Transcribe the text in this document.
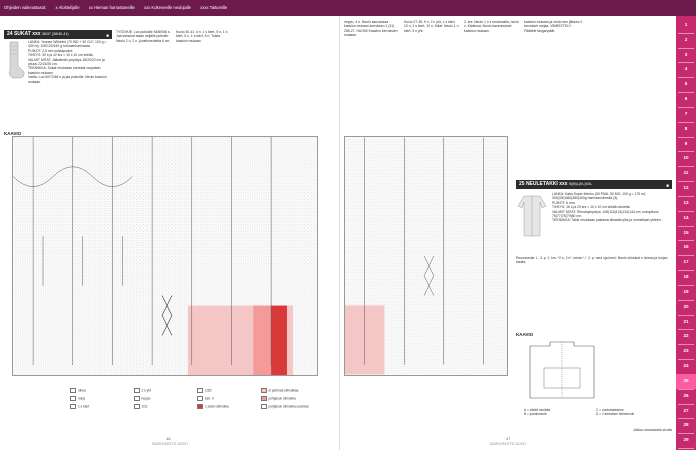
Ohjeiden vaikeustasot: x Aloittelijalle xx Hieman harrastaneille xxx Kokeneelle neulojalle xxxx Taitureille
24 SUKAT xxx 36/37 (38/40-41)	■
LANKA: Yonnee Wilhelmi (70 WD + 30 CLF, 100 g = 400 m); 100/120/160 g tummanharmaata.
PUIKOT: 2,5 mm sukkapuikot.
TIHEYS: 30 s ja 42 krs = 10 x 10 cm sileää.
VALMIT MITAT: Jalkaterän ympärys 18/20/22 cm ja pituus 22/24/26 cm.
TEKNIIKKA: Sukat neulotaan varresta varpaisiin kaavion mukaan.
Vartta: Luo 60/72/84 s ja jaa puikoille. Neulo kaavion mukaan.
TYÖOHJE: Luo puikoille 54/60/66 s. Jaa silmukat tasan neljälle puikolle. Neulo 2 o, 2 n -joustinneuletta 6 cm.
Kuvio 40-41: 4 n, 1 s kiert, 5 n, 1 s kiert, 5 n, 1 s kiert, 5 n. Toista kaavion mukaan.
KAAVIO
oikea	2 s yht	1/2D	ei pehmeä silmukkaa
nurja	neppu	kerr. 0	pohjaloon silmukka
1 s kiert	1/2c	1 pidon silmukka	pohjaloon silmukka uusintaa
46
SUURI KÄSITYÖ 11/2017
neppu, 4 n. Neulo sauvaosaa kaavion mukaan kerroksen 1 (31) 255-27. HUOM! Kaavion kerroksien mukaan.
Kuvio 27-39: 9 n, 2 n yht, 1 s kiert, 10 n, 1 s kiert, 10 n. Kiilat: Neulo 1 n kiert, 3 n yht.
2. krs: Neulo 1 n x neulomalla, neulo x. Kärkiosa: Neulo kavennukset kaavion mukaan.
kaavion mukaan ja neulo sen jälkeen 2 kerrokset nurjaa. VIIMEISTELY: Päättele langanpäät.
25 NEULETAKKI xxx S(M)L(XL)XXL	■
LANKA: Katia Super Merino (50 PMA, 50 MO, 100 g = 175 m): 300(330)360(380)400g harmaanvihreää (3).
PUIKOT: 6 mm.
TIHEYS: 16 s ja 20 krs = 10 x 10 cm sileää neuletta.
VALMIIT MITAT: Rinnanympärys: 106(116)124(134)144 cm, kokopituus 76(77)78(79)80 cm.
TEKNIIKKA: Takki neulotaan palasina alhaalta ylös ja ommellaan yhteen.
Reunaneule: L. 3: p. 1. krs: *2 o, 2 n*, toista *-*. 2. p: neul oja kres!: Neulo silmukat s oikean ja nurjan kautta.
KAAVIO
A = sileää neuletta	C = nostumaleanne
B = joustinneule	D = 2-kertainen helmineule
Jatkuu seuraavalla sivulla
47
SUURI KÄSITYÖ 11/2017
1
2
3
4
5
6
7
8
9
10
11
12
13
14
15
16
17
18
19
20
21
22
23
24
25
26
27
28
29
